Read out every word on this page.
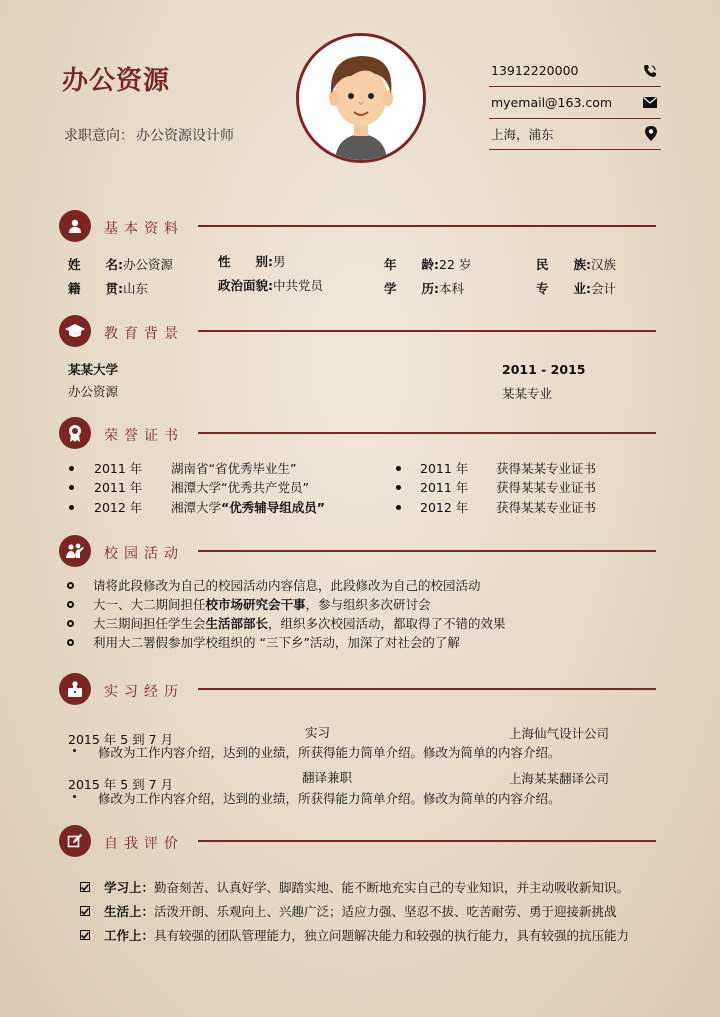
办公资源
求职意向： 办公资源设计师
13912220000
myemail@163.com
上海，浦东
基本资料
姓　　名:办公资源	性　　别:男	年　　龄:22 岁	民　　族:汉族
籍　　贯:山东	政治面貌:中共党员	学　　历:本科	专　　业:会计
教育背景
某某大学
办公资源
2011 - 2015
某某专业
荣誉证书
2011 年 湖南省“省优秀毕业生”
2011 年 湘潭大学“优秀共产党员”
2012 年 湘潭大学“优秀辅导组成员”
2011 年 获得某某专业证书
2011 年 获得某某专业证书
2012 年 获得某某专业证书
校园活动
请将此段修改为自己的校园活动内容信息，此段修改为自己的校园活动
大一、大二期间担任校市场研究会干事，参与组织多次研讨会
大三期间担任学生会生活部部长，组织多次校园活动，都取得了不错的效果
利用大二署假参加学校组织的 “三下乡”活动，加深了对社会的了解
实习经历
2015 年 5 到 7 月	实习	上海仙气设计公司
修改为工作内容介绍，达到的业绩，所获得能力简单介绍。修改为简单的内容介绍。
2015 年 5 到 7 月	翻译兼职	上海某某翻译公司
修改为工作内容介绍，达到的业绩，所获得能力简单介绍。修改为简单的内容介绍。
自我评价
学习上：勤奋刻苦、认真好学、脚踏实地、能不断地充实自己的专业知识，并主动吸收新知识。
生活上：活泼开朗、乐观向上、兴趣广泛；适应力强、坚忍不拔、吃苦耐劳、勇于迎接新挑战
工作上：具有较强的团队管理能力，独立问题解决能力和较强的执行能力，具有较强的抗压能力
